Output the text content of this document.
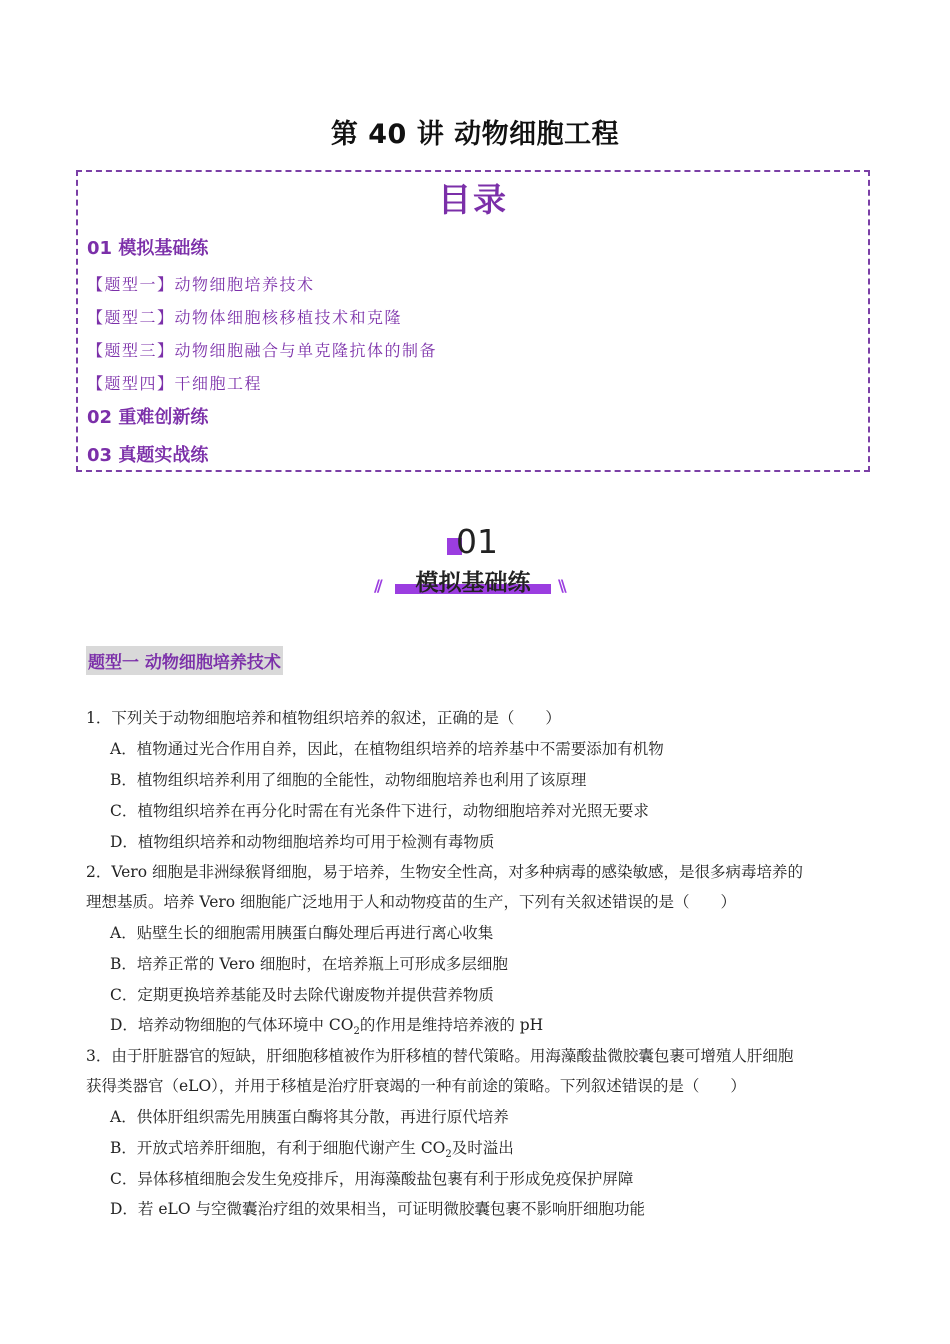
第 40 讲 动物细胞工程
目录
01 模拟基础练
【题型一】动物细胞培养技术
【题型二】动物体细胞核移植技术和克隆
【题型三】动物细胞融合与单克隆抗体的制备
【题型四】干细胞工程
02 重难创新练
03 真题实战练
01
模拟基础练
//	\\
题型一 动物细胞培养技术
1．下列关于动物细胞培养和植物组织培养的叙述，正确的是（　　）
A．植物通过光合作用自养，因此，在植物组织培养的培养基中不需要添加有机物
B．植物组织培养利用了细胞的全能性，动物细胞培养也利用了该原理
C．植物组织培养在再分化时需在有光条件下进行，动物细胞培养对光照无要求
D．植物组织培养和动物细胞培养均可用于检测有毒物质
2．Vero 细胞是非洲绿猴肾细胞，易于培养，生物安全性高，对多种病毒的感染敏感，是很多病毒培养的
理想基质。培养 Vero 细胞能广泛地用于人和动物疫苗的生产，下列有关叙述错误的是（　　）
A．贴壁生长的细胞需用胰蛋白酶处理后再进行离心收集
B．培养正常的 Vero 细胞时，在培养瓶上可形成多层细胞
C．定期更换培养基能及时去除代谢废物并提供营养物质
D．培养动物细胞的气体环境中 $CO_2$的作用是维持培养液的 pH
3．由于肝脏器官的短缺，肝细胞移植被作为肝移植的替代策略。用海藻酸盐微胶囊包裹可增殖人肝细胞
获得类器官（eLO），并用于移植是治疗肝衰竭的一种有前途的策略。下列叙述错误的是（　　）
A．供体肝组织需先用胰蛋白酶将其分散，再进行原代培养
B．开放式培养肝细胞，有利于细胞代谢产生 $CO_2$及时溢出
C．异体移植细胞会发生免疫排斥，用海藻酸盐包裹有利于形成免疫保护屏障
D．若 eLO 与空微囊治疗组的效果相当，可证明微胶囊包裹不影响肝细胞功能
